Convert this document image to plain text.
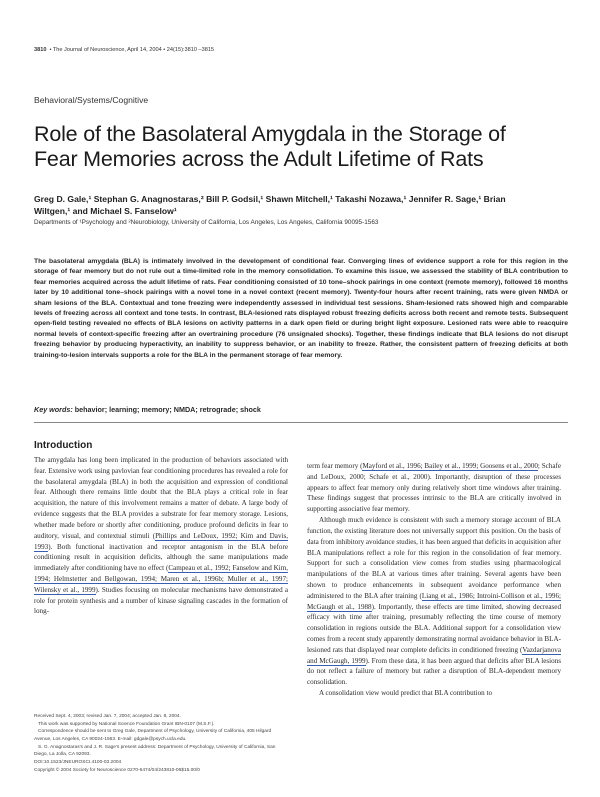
3810 • The Journal of Neuroscience, April 14, 2004 • 24(15):3810 –3815
Behavioral/Systems/Cognitive
Role of the Basolateral Amygdala in the Storage of Fear Memories across the Adult Lifetime of Rats
Greg D. Gale,¹ Stephan G. Anagnostaras,² Bill P. Godsil,¹ Shawn Mitchell,¹ Takashi Nozawa,¹ Jennifer R. Sage,¹ Brian Wiltgen,¹ and Michael S. Fanselow¹
Departments of ¹Psychology and ²Neurobiology, University of California, Los Angeles, Los Angeles, California 90095-1563
The basolateral amygdala (BLA) is intimately involved in the development of conditional fear. Converging lines of evidence support a role for this region in the storage of fear memory but do not rule out a time-limited role in the memory consolidation. To examine this issue, we assessed the stability of BLA contribution to fear memories acquired across the adult lifetime of rats. Fear conditioning consisted of 10 tone–shock pairings in one context (remote memory), followed 16 months later by 10 additional tone–shock pairings with a novel tone in a novel context (recent memory). Twenty-four hours after recent training, rats were given NMDA or sham lesions of the BLA. Contextual and tone freezing were independently assessed in individual test sessions. Sham-lesioned rats showed high and comparable levels of freezing across all context and tone tests. In contrast, BLA-lesioned rats displayed robust freezing deficits across both recent and remote tests. Subsequent open-field testing revealed no effects of BLA lesions on activity patterns in a dark open field or during bright light exposure. Lesioned rats were able to reacquire normal levels of context-specific freezing after an overtraining procedure (76 unsignaled shocks). Together, these findings indicate that BLA lesions do not disrupt freezing behavior by producing hyperactivity, an inability to suppress behavior, or an inability to freeze. Rather, the consistent pattern of freezing deficits at both training-to-lesion intervals supports a role for the BLA in the permanent storage of fear memory.
Key words: behavior; learning; memory; NMDA; retrograde; shock
Introduction

The amygdala has long been implicated in the production of behaviors associated with fear. Extensive work using pavlovian fear conditioning procedures has revealed a role for the basolateral amygdala (BLA) in both the acquisition and expression of conditional fear. Although there remains little doubt that the BLA plays a critical role in fear acquisition, the nature of this involvement remains a matter of debate. A large body of evidence suggests that the BLA provides a substrate for fear memory storage. Lesions, whether made before or shortly after conditioning, produce profound deficits in fear to auditory, visual, and contextual stimuli (Phillips and LeDoux, 1992; Kim and Davis, 1993). Both functional inactivation and receptor antagonism in the BLA before conditioning result in acquisition deficits, although the same manipulations made immediately after conditioning have no effect (Campeau et al., 1992; Fanselow and Kim, 1994; Helmstetter and Bellgowan, 1994; Maren et al., 1996b; Muller et al., 1997; Wilensky et al., 1999). Studies focusing on molecular mechanisms have demonstrated a role for protein synthesis and a number of kinase signaling cascades in the formation of long-

term fear memory (Mayford et al., 1996; Bailey et al., 1999; Goosens et al., 2000; Schafe and LeDoux, 2000; Schafe et al., 2000). Importantly, disruption of these processes appears to affect fear memory only during relatively short time windows after training. These findings suggest that processes intrinsic to the BLA are critically involved in supporting associative fear memory.

Although much evidence is consistent with such a memory storage account of BLA function, the existing literature does not universally support this position. On the basis of data from inhibitory avoidance studies, it has been argued that deficits in acquisition after BLA manipulations reflect a role for this region in the consolidation of fear memory. Support for such a consolidation view comes from studies using pharmacological manipulations of the BLA at various times after training. Several agents have been shown to produce enhancements in subsequent avoidance performance when administered to the BLA after training (Liang et al., 1986; Introini-Collison et al., 1996; McGaugh et al., 1988). Importantly, these effects are time limited, showing decreased efficacy with time after training, presumably reflecting the time course of memory consolidation in regions outside the BLA. Additional support for a consolidation view comes from a recent study apparently demonstrating normal avoidance behavior in BLA-lesioned rats that displayed near complete deficits in conditioned freezing (Vazdarjanova and McGaugh, 1999). From these data, it has been argued that deficits after BLA lesions do not reflect a failure of memory but rather a disruption of BLA-dependent memory consolidation.

A consolidation view would predict that BLA contribution to

Received Sept. 4, 2003; revised Jan. 7, 2004; accepted Jan. 8, 2004.
This work was supported by National Science Foundation Grant IBN-0107 (M.S.F.).
Correspondence should be sent to Greg Gale, Department of Psychology, University of California, 405 Hilgard
Avenue, Los Angeles, CA 90024-1563. E-mail: gdgale@psych.ucla.edu.
S. G. Anagnostaras's and J. R. Sage's present address: Department of Psychology, University of California, San
Diego, La Jolla, CA 92093.
DOI:10.1523/JNEUROSCI.4100-03.2004
Copyright © 2004 Society for Neuroscience 0270-6474/04/243810-06$15.00/0
